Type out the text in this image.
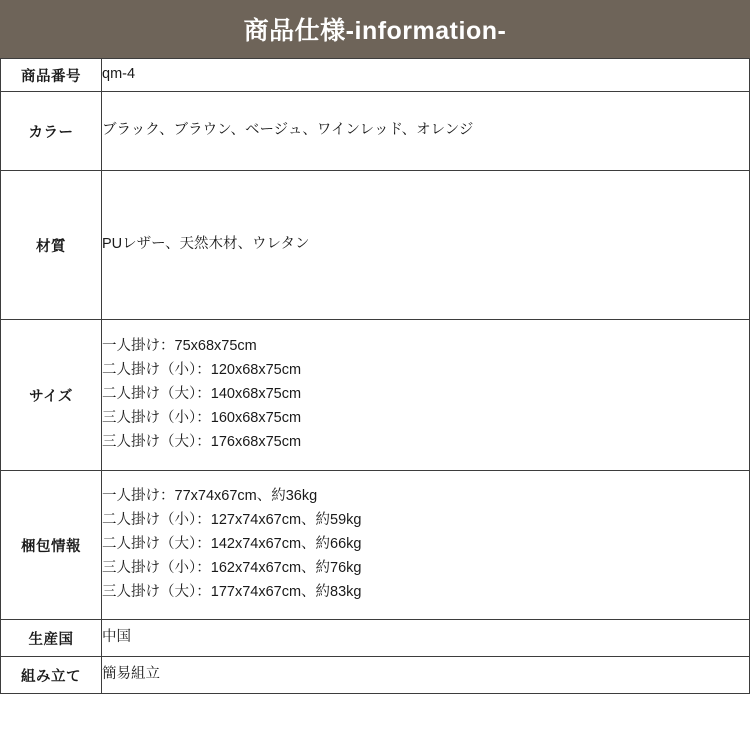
商品仕様-information-
商品番号	qm-4
カラー	ブラック、ブラウン、ベージュ、ワインレッド、オレンジ
材質	PUレザー、天然木材、ウレタン
サイズ	一人掛け：75x68x75cm
二人掛け（小）：120x68x75cm
二人掛け（大）：140x68x75cm
三人掛け（小）：160x68x75cm
三人掛け（大）：176x68x75cm

梱包情報	一人掛け：77x74x67cm、約36kg
二人掛け（小）：127x74x67cm、約59kg
二人掛け（大）：142x74x67cm、約66kg
三人掛け（小）：162x74x67cm、約76kg
三人掛け（大）：177x74x67cm、約83kg

生産国	中国
組み立て	簡易組立
